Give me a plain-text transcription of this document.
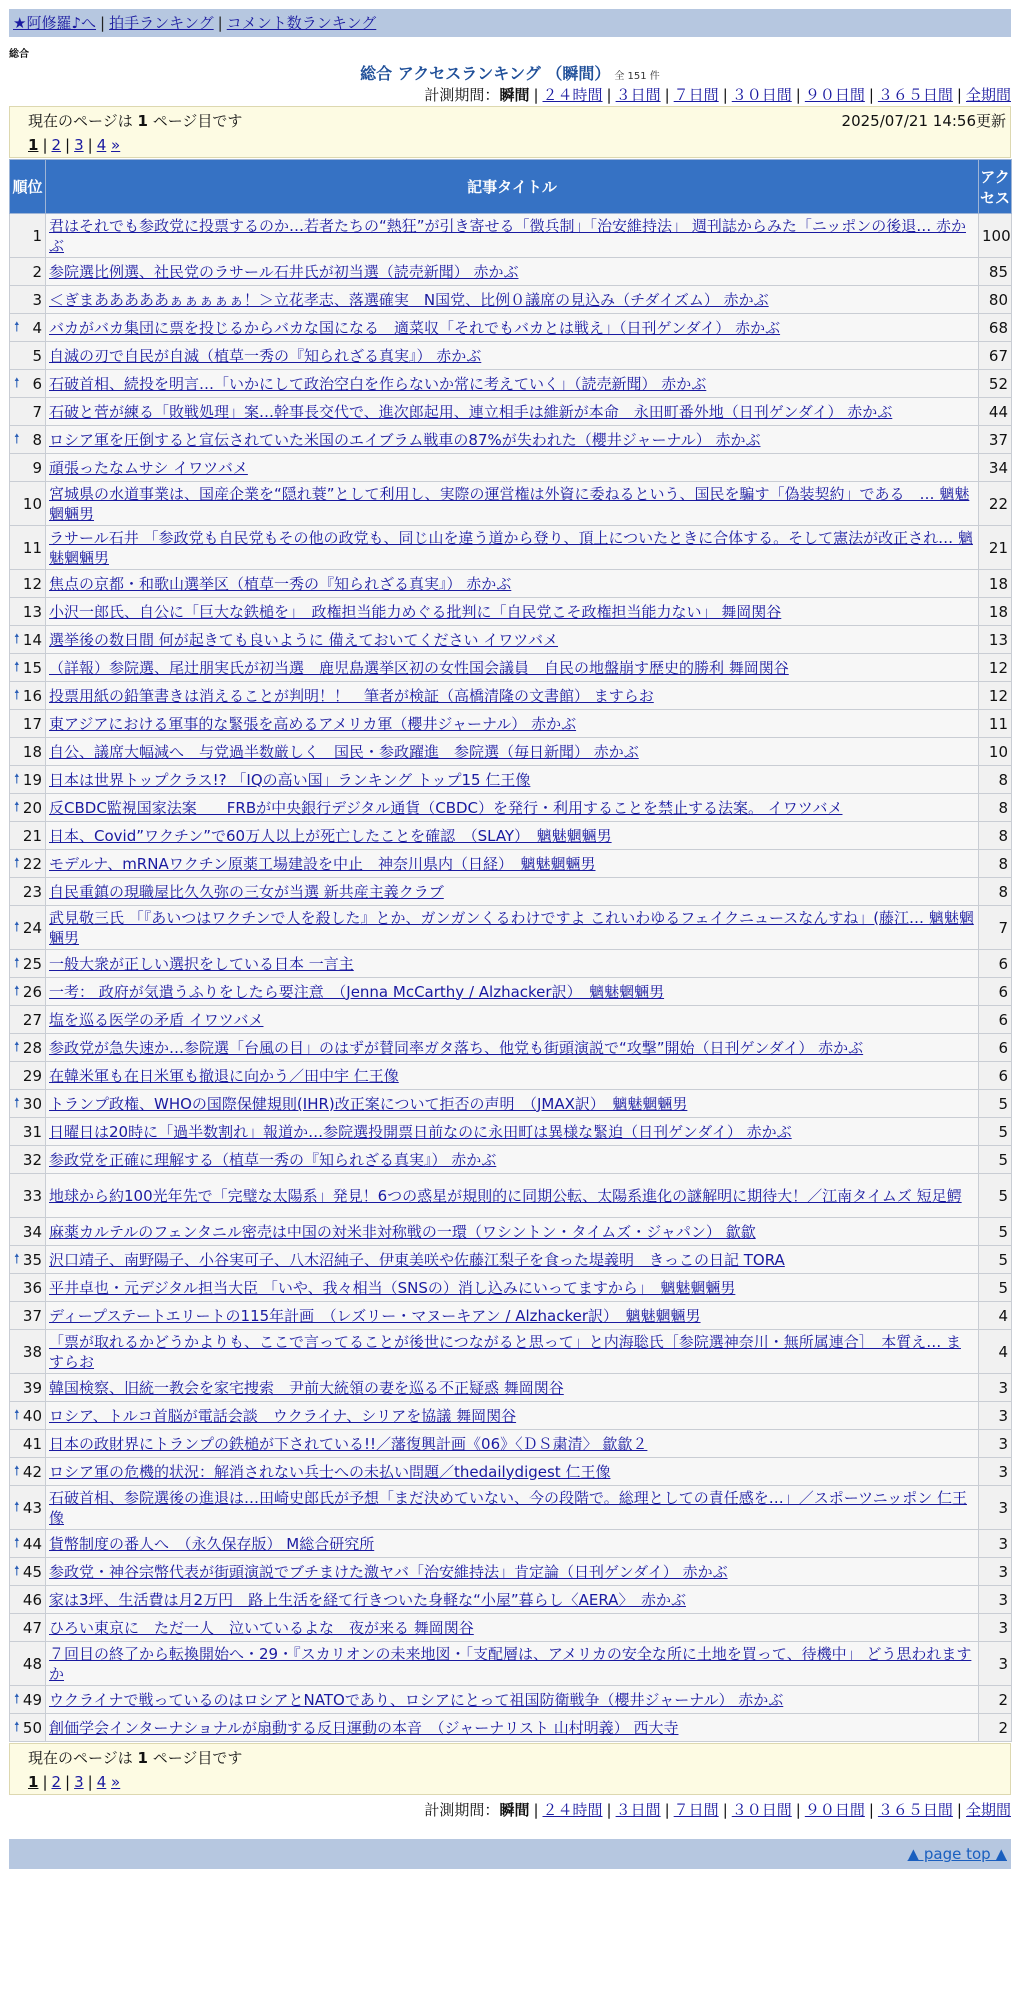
★阿修羅♪へ | 拍手ランキング | コメント数ランキング
総合
総合 アクセスランキング （瞬間） 全 151 件
計測期間：瞬間 | ２４時間 | ３日間 | ７日間 | ３０日間 | ９０日間 | ３６５日間 | 全期間
現在のページは 1 ページ目です	2025/07/21 14:56更新
1 | 2 | 3 | 4 »
順位	記事タイトル	アクセス
1	君はそれでも参政党に投票するのか…若者たちの“熱狂”が引き寄せる「徴兵制」「治安維持法」 週刊誌からみた「ニッポンの後退… 赤かぶ	100
2	参院選比例選、社民党のラサール石井氏が初当選（読売新聞） 赤かぶ	85
3	＜ぎまあああああぁぁぁぁぁ！＞立花孝志、落選確実　N国党、比例０議席の見込み（チダイズム） 赤かぶ	80

🠕 4	バカがバカ集団に票を投じるからバカな国になる　適菜収「それでもバカとは戦え」（日刊ゲンダイ） 赤かぶ	68
5	自滅の刃で自民が自滅（植草一秀の『知られざる真実』） 赤かぶ	67

🠕 6	石破首相、続投を明言…「いかにして政治空白を作らないか常に考えていく」（読売新聞） 赤かぶ	52
7	石破と菅が練る「敗戦処理」案…幹事長交代で、進次郎起用、連立相手は維新が本命　永田町番外地（日刊ゲンダイ） 赤かぶ	44

🠕 8	ロシア軍を圧倒すると宣伝されていた米国のエイブラム戦車の87%が失われた（櫻井ジャーナル） 赤かぶ	37
9	頑張ったなムサシ イワツバメ	34
10	宮城県の水道事業は、国産企業を“隠れ蓑”として利用し、実際の運営権は外資に委ねるという、国民を騙す「偽装契約」である　… 魑魅魍魎男	22
11	ラサール石井 「参政党も自民党もその他の政党も、同じ山を違う道から登り、頂上についたときに合体する。そして憲法が改正され… 魑魅魍魎男	21
12	焦点の京都・和歌山選挙区（植草一秀の『知られざる真実』） 赤かぶ	18
13	小沢一郎氏、自公に「巨大な鉄槌を」　政権担当能力めぐる批判に「自民党こそ政権担当能力ない」 舞岡関谷	18

🠕 14	選挙後の数日間 何が起きても良いように 備えておいてください イワツバメ	13

🠕 15	（詳報）参院選、尾辻朋実氏が初当選　鹿児島選挙区初の女性国会議員　自民の地盤崩す歴史的勝利 舞岡関谷	12

🠕 16	投票用紙の鉛筆書きは消えることが判明！！　筆者が検証（高橋清隆の文書館） ますらお	12
17	東アジアにおける軍事的な緊張を高めるアメリカ軍（櫻井ジャーナル） 赤かぶ	11
18	自公、議席大幅減へ　与党過半数厳しく　国民・参政躍進　参院選（毎日新聞） 赤かぶ	10

🠕 19	日本は世界トップクラス!? 「IQの高い国」ランキング トップ15 仁王像	8

🠕 20	反CBDC監視国家法案　　FRBが中央銀行デジタル通貨（CBDC）を発行・利用することを禁止する法案。 イワツバメ	8
21	日本、Covid”ワクチン”で60万人以上が死亡したことを確認　（SLAY）　魑魅魍魎男	8

🠕 22	モデルナ、mRNAワクチン原薬工場建設を中止　神奈川県内（日経）　魑魅魍魎男	8
23	自民重鎮の現職屋比久久弥の三女が当選 新共産主義クラブ	8

🠕 24	武見敬三氏 「『あいつはワクチンで人を殺した』とか、ガンガンくるわけですよ これいわゆるフェイクニュースなんすね」(藤江… 魑魅魍魎男	7

🠕 25	一般大衆が正しい選択をしている日本 一言主	6

🠕 26	一考： 政府が気遣うふりをしたら要注意　（Jenna McCarthy / Alzhacker訳）　魑魅魍魎男	6
27	塩を巡る医学の矛盾 イワツバメ	6

🠕 28	参政党が急失速か…参院選「台風の目」のはずが賛同率ガタ落ち、他党も街頭演説で“攻撃”開始（日刊ゲンダイ） 赤かぶ	6
29	在韓米軍も在日米軍も撤退に向かう／田中宇 仁王像	6

🠕 30	トランプ政権、WHOの国際保健規則(IHR)改正案について拒否の声明　（JMAX訳）　魑魅魍魎男	5
31	日曜日は20時に「過半数割れ」報道か…参院選投開票日前なのに永田町は異様な緊迫（日刊ゲンダイ） 赤かぶ	5
32	参政党を正確に理解する（植草一秀の『知られざる真実』） 赤かぶ	5
33	地球から約100光年先で「完璧な太陽系」発見！6つの惑星が規則的に同期公転、太陽系進化の謎解明に期待大！／江南タイムズ 短足鰐	5
34	麻薬カルテルのフェンタニル密売は中国の対米非対称戦の一環（ワシントン・タイムズ・ジャパン） 歙歙	5

🠕 35	沢口靖子、南野陽子、小谷実可子、八木沼純子、伊東美咲や佐藤江梨子を食った堤義明　きっこの日記 TORA	5
36	平井卓也・元デジタル担当大臣 「いや、我々相当（SNSの）消し込みにいってますから」　魑魅魍魎男	5
37	ディープステートエリートの115年計画　（レズリー・マヌーキアン / Alzhacker訳）　魑魅魍魎男	4
38	「票が取れるかどうかよりも、ここで言ってることが後世につながると思って」と内海聡氏［参院選神奈川・無所属連合］　本質え… ますらお	4
39	韓国検察、旧統一教会を家宅捜索　尹前大統領の妻を巡る不正疑惑 舞岡関谷	3

🠕 40	ロシア、トルコ首脳が電話会談　ウクライナ、シリアを協議 舞岡関谷	3
41	日本の政財界にトランプの鉄槌が下されている!!／藩復興計画《06》〈ＤＳ粛清〉 歙歙２	3

🠕 42	ロシア軍の危機的状況：解消されない兵士への未払い問題／thedailydigest 仁王像	3

🠕 43	石破首相、参院選後の進退は…田崎史郎氏が予想「まだ決めていない、今の段階で。総理としての責任感を…」／スポーツニッポン 仁王像	3

🠕 44	貨幣制度の番人へ　（永久保存版） M総合研究所	3

🠕 45	参政党・神谷宗幣代表が街頭演説でブチまけた激ヤバ「治安維持法」肯定論（日刊ゲンダイ） 赤かぶ	3
46	家は3坪、生活費は月2万円　路上生活を経て行きついた身軽な“小屋”暮らし〈AERA〉　赤かぶ	3
47	ひろい東京に　ただ一人　泣いているよな　夜が来る 舞岡関谷	3
48	７回目の終了から転換開始へ・29・『スカリオンの未来地図・「支配層は、アメリカの安全な所に土地を買って、待機中」 どう思われますか	3

🠕 49	ウクライナで戦っているのはロシアとNATOであり、ロシアにとって祖国防衛戦争（櫻井ジャーナル） 赤かぶ	2

🠕 50	創価学会インターナショナルが扇動する反日運動の本音　（ジャーナリスト 山村明義） 西大寺	2
現在のページは 1 ページ目です
1 | 2 | 3 | 4 »
計測期間：瞬間 | ２４時間 | ３日間 | ７日間 | ３０日間 | ９０日間 | ３６５日間 | 全期間
▲ page top ▲
